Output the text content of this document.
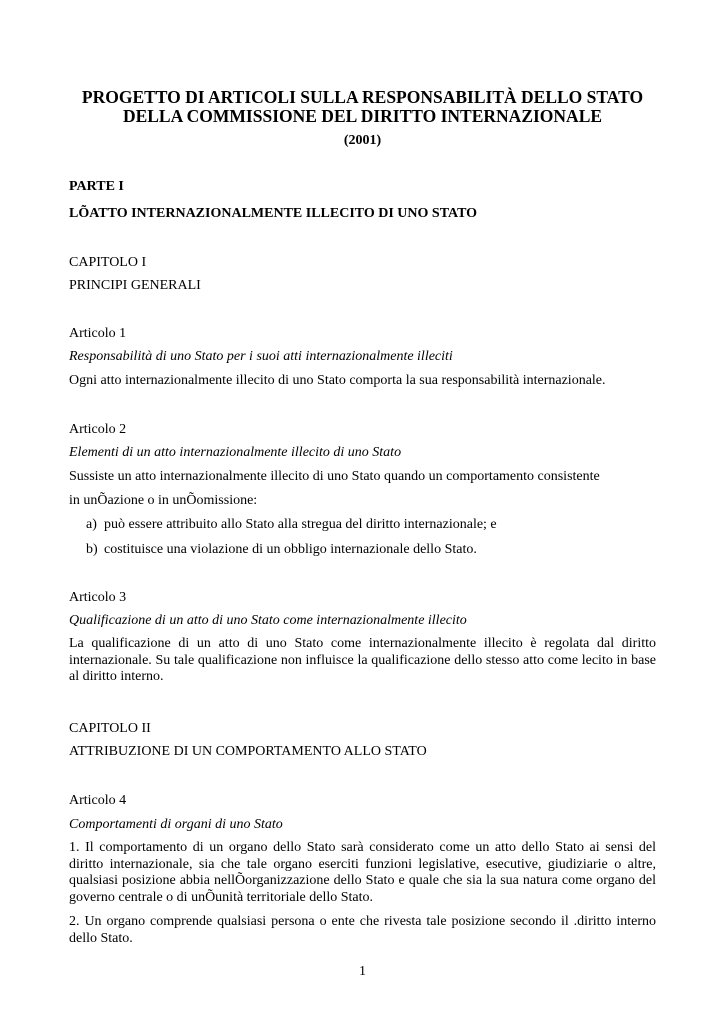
PROGETTO DI ARTICOLI SULLA RESPONSABILITÀ DELLO STATO
DELLA COMMISSIONE DEL DIRITTO INTERNAZIONALE
(2001)
PARTE I
LÕATTO INTERNAZIONALMENTE ILLECITO DI UNO STATO
CAPITOLO I
PRINCIPI GENERALI
Articolo 1
Responsabilità di uno Stato per i suoi atti internazionalmente illeciti
Ogni atto internazionalmente illecito di uno Stato comporta la sua responsabilità internazionale.
Articolo 2
Elementi di un atto internazionalmente illecito di uno Stato
Sussiste un atto internazionalmente illecito di uno Stato quando un comportamento consistente
in unÕazione o in unÕomissione:
a) può essere attribuito allo Stato alla stregua del diritto internazionale; e
b) costituisce una violazione di un obbligo internazionale dello Stato.
Articolo 3
Qualificazione di un atto di uno Stato come internazionalmente illecito
La qualificazione di un atto di uno Stato come internazionalmente illecito è regolata dal diritto internazionale. Su tale qualificazione non influisce la qualificazione dello stesso atto come lecito in base al diritto interno.
CAPITOLO II
ATTRIBUZIONE DI UN COMPORTAMENTO ALLO STATO
Articolo 4
Comportamenti di organi di uno Stato
1. Il comportamento di un organo dello Stato sarà considerato come un atto dello Stato ai sensi del diritto internazionale, sia che tale organo eserciti funzioni legislative, esecutive, giudiziarie o altre, qualsiasi posizione abbia nellÕorganizzazione dello Stato e quale che sia la sua natura come organo del governo centrale o di unÕunità territoriale dello Stato.
2. Un organo comprende qualsiasi persona o ente che rivesta tale posizione secondo il .diritto interno dello Stato.
1
